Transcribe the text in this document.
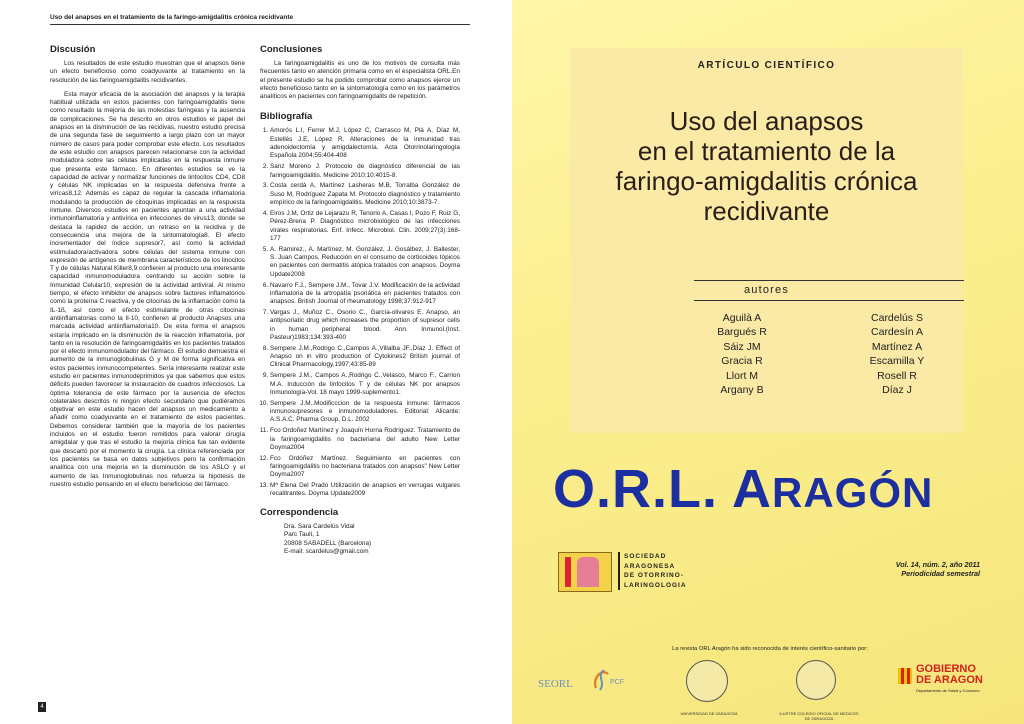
Uso del anapsos en el tratamiento de la faringo-amigdalitis crónica recidivante
Discusión

Los resultados de este estudio muestran que el anapsos tiene un efecto beneficioso como coadyuvante al tratamiento en la resolución de las faringoamigdalitis recidivantes.

Esta mayor eficacia de la asociación del anapsos y la terapia habitual utilizada en estos pacientes con faringoamigdalitis tiene como resultado la mejoría de las molestias faríngeas y la ausencia de complicaciones. Se ha descrito en otros estudios el papel del anapsos en la disminución de las recidivas, nuestro estudio precisa de una segunda fase de seguimiento a largo plazo con un mayor número de casos para poder comprobar este efecto. Los resultados de este estudio con anapsos parecen relacionarse con la actividad moduladora sobre las células implicadas en la respuesta inmune que presenta este fármaco. En diferentes estudios se ve la capacidad de activar y normalizar funciones de linfocitos CD4, CD8 y células NK implicadas en la respuesta defensiva frente a virícas8,12. Además es capaz de regular la cascada inflamatoria modulando la producción de citoquinas implicadas en la respuesta inmune. Diversos estudios en pacientes apuntan a una actividad inmunoinflamatoria y antivírica en infecciones de virus13, donde se destaca la rapidez de acción, un retraso en la recidiva y de consecuencia una mejora de la sintomatología8. El efecto incrementador del índice supresor7, así como la actividad estimuladora/activadora sobre células del sistema inmune con expresión de antígenos de membrana característicos de los linocitos T y de células Natural Killer8,9 confieren al producto una interesante capacidad inmunomoduladora centrando su acción sobre la Inmunidad Celular10, expresión de la actividad antiviral. Al mismo tiempo, el efecto inhibidor de anapsos sobre factores inflamatorios como la proteína C reactiva, y de citocinas de la inflamación como la IL-1ß, así como el efecto estimulante de otras citocinas antiinflamatorias como la Il-10, confieren al producto Anapsos una marcada actividad antiinflamatoria10. De esta forma el anapsos estaría implicado en la disminución de la reacción inflamatoria, por tanto en la resolución de faringoamigdalitis en los pacientes tratados por el efecto inmunomodulador del fármaco. El estudio demuestra el aumento de la inmunoglobulinas G y M de forma significativa en estos pacientes inmunocompetentes. Sería interesante realizar este estudio en pacientes inmunodeprimidos ya que sabemos que estos déficits pueden favorecer la instauración de cuadros infecciosos. La óptima tolerancia de este fármaco por la ausencia de efectos colaterales descritos ni ningún efecto secundario que pudiéramos objetivar en este estudio hacen del anapsos un medicamento a añadir como coadyuvante en el tratamiento de estos pacientes. Debemos considerar también que la mayoría de los pacientes incluidos en el estudio fueron remitidos para valorar cirugía amigdalar y que tras el estudio la mejoría clínica fue tan evidente que descartó por el momento la cirugía. La clínica referenciada por los pacientes se basa en datos subjetivos pero la confirmación analítica con una mejoría en la disminución de los ASLO y el aumento de las Inmunoglobulinas nos refuerza la hipótesis de nuestro estudio pensando en el efecto beneficioso del fármaco.

Conclusiones

La faringoamigdalitis es uno de los motivos de consulta más frecuentes tanto en atención primaria como en el especialista ORL.En el presente estudio se ha podido comprobar como anapsos ejerce un efecto beneficioso tanto en la sintomatología como en los parámetros analíticos en pacientes con faringoamigdalits de repetición.

Bibliografía
1. Amorós L.I, Ferrer M.J, López C, Carrasco M, Plá A, Díaz M, Estellés J.E, López R. Alteraciones de la inmunidad tras adenoidectomía y amigdalectomía. Acta Otorrinolaringología Española 2004;55:404-408
2. Sanz Moreno J. Protocolo de diagnóstico diferencial de las faringoamigdalitis. Medicine 2010;10:4015-8.
3. Costa cerdà A, Martínez Lasheras M.B, Torralba González de Suso M, Rodríguez Zapata M. Protocolo diagnóstico y tratamiento empírico de la faringoamigdalitis. Medicine 2010;10:3873-7.
4. Eiros J.M, Ortiz de Lejarazu R, Tenorio A, Casas I, Pozo F, Ruiz G, Pérez-Brena P. Diagnóstico microbiológico de las infecciones virales respiratorias. Enf. Infecc. Microbiol. Clin. 2009;27(3):168-177
5. A. Ramírez., A. Martínez, M. González, J. Gosálbez, J. Ballester, S. Juan Campos. Reducción en el consumo de corticoides tópicos en pacientes con dermatitis atópica tratados con anapsos. Doyma Update2008
6. Navarro F.J., Sempere J.M., Tovar J.V. Modificación de la actividad inflamatoria de la artropatía psoriática en pacientes tratados con anapsos. British Journal of rheumatology 1998;37:912-917
7. Vargas J., Muñoz C., Osorio C., García-olivares E. Anapso, an antipsoriatic drug which increases the proportion of supresor cells in human peripheral blood. Ann. Inmunol.(Inst. Pasteur)1983;134:393-400
8. Sempere J.M.,Rodrigo C.,Campos A.,Villalba JF.,Díaz J. Effect of Anapso on in vitro production of Cytokines2 British journal of Clinical Pharmacology,1997;43:85-89
9. Sempere J.M., Campos A.,Rodrigo C.,Velasco, Marco F., Carrion M.A. Inducción de linfocitos T y de células NK por anapsos Inmunología-Vol. 18 mayo 1999-suplemento1.
10. Sempere J.M..Modificccion de la respuesta inmune: fármacos inmunosupresores e inmunomoduladores. Editorial: Alicante: A.S.A.C. Pharma Group, D.L. 2002
11. Fco Ordoñez Martínez y Joaquín Horna Rodríguez. Tratamiento de la faringoamigdalitis no bacteriana del adulto New Letter Doyma2004
12. Fco Ordóñez Martínez. Seguimiento en pacientes con faringoamigdalitis no bacteriana tratados con anapsos" New Letter Doyma2007
13. Mª Elena Del Prado Utilización de anapsos en verrugas vulgares recalitrantes. Doyma Update2009
Correspondencia
Dra. Sara Cardelús Vidal
Parc Taulí, 1
20808 SABADELL (Barcelona)
E-mail: scardelus@gmail.com
4
ARTÍCULO CIENTÍFICO
Uso del anapsos
en el tratamiento de la
faringo-amigdalitis crónica
recidivante
autores
Aguilà A
Bargués R
Sáiz JM
Gracia R
Llort M
Argany B
Cardelús S
Cardesín A
Martínez A
Escamilla Y
Rosell R
Díaz J
O.R.L. ARAGÓN
SOCIEDAD
ARAGONESA
DE OTORRINO-
LARINGOLOGIA
Vol. 14, núm. 2, año 2011
Periodicidad semestral
La revista ORL Aragón ha sido reconocida de interés científico-sanitario por:
SEORL	PCF
UNIVERSIDAD DE ZARAGOZA	ILUSTRE COLEGIO OFICIAL DE MEDICOS DE ZARAGOZA
GOBIERNO
DE ARAGON
Departamento de Salud y Consumo
